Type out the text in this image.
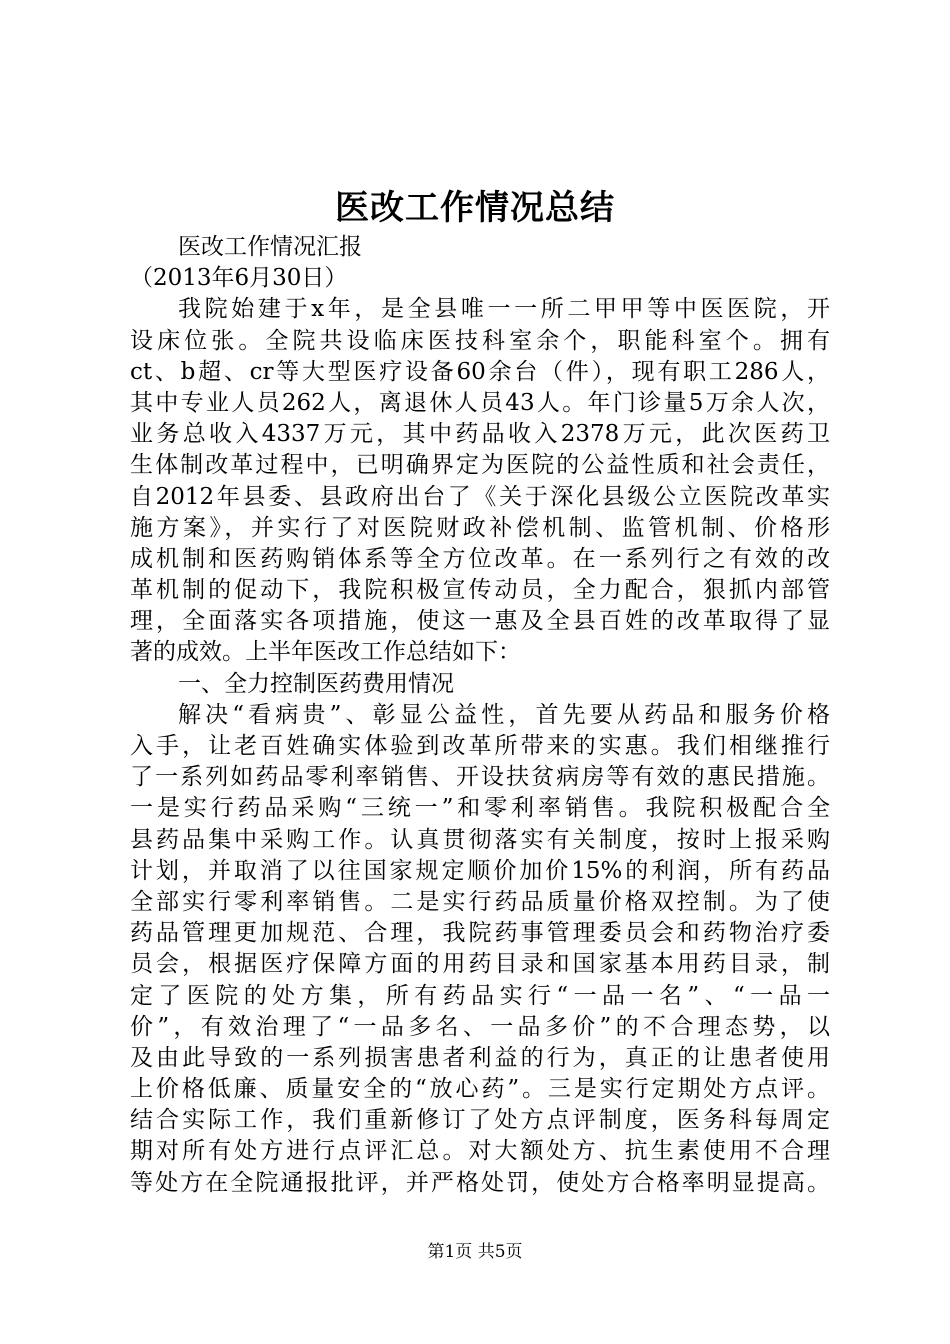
医改工作情况总结
医改工作情况汇报
（2013年6月30日）
我院始建于x年，是全县唯一一所二甲甲等中医医院，开
设床位张。全院共设临床医技科室余个，职能科室个。拥有
ct、b超、cr等大型医疗设备60余台（件），现有职工286人，
其中专业人员262人，离退休人员43人。年门诊量5万余人次，
业务总收入4337万元，其中药品收入2378万元，此次医药卫
生体制改革过程中，已明确界定为医院的公益性质和社会责任，
自2012年县委、县政府出台了《关于深化县级公立医院改革实
施方案》，并实行了对医院财政补偿机制、监管机制、价格形
成机制和医药购销体系等全方位改革。在一系列行之有效的改
革机制的促动下，我院积极宣传动员，全力配合，狠抓内部管
理，全面落实各项措施，使这一惠及全县百姓的改革取得了显
著的成效。上半年医改工作总结如下：
一、全力控制医药费用情况
解决“看病贵”、彰显公益性，首先要从药品和服务价格
入手，让老百姓确实体验到改革所带来的实惠。我们相继推行
了一系列如药品零利率销售、开设扶贫病房等有效的惠民措施。
一是实行药品采购“三统一”和零利率销售。我院积极配合全
县药品集中采购工作。认真贯彻落实有关制度，按时上报采购
计划，并取消了以往国家规定顺价加价15%的利润，所有药品
全部实行零利率销售。二是实行药品质量价格双控制。为了使
药品管理更加规范、合理，我院药事管理委员会和药物治疗委
员会，根据医疗保障方面的用药目录和国家基本用药目录，制
定了医院的处方集，所有药品实行“一品一名”、“一品一
价”，有效治理了“一品多名、一品多价”的不合理态势，以
及由此导致的一系列损害患者利益的行为，真正的让患者使用
上价格低廉、质量安全的“放心药”。三是实行定期处方点评。
结合实际工作，我们重新修订了处方点评制度，医务科每周定
期对所有处方进行点评汇总。对大额处方、抗生素使用不合理
等处方在全院通报批评，并严格处罚，使处方合格率明显提高。
第1页 共5页
